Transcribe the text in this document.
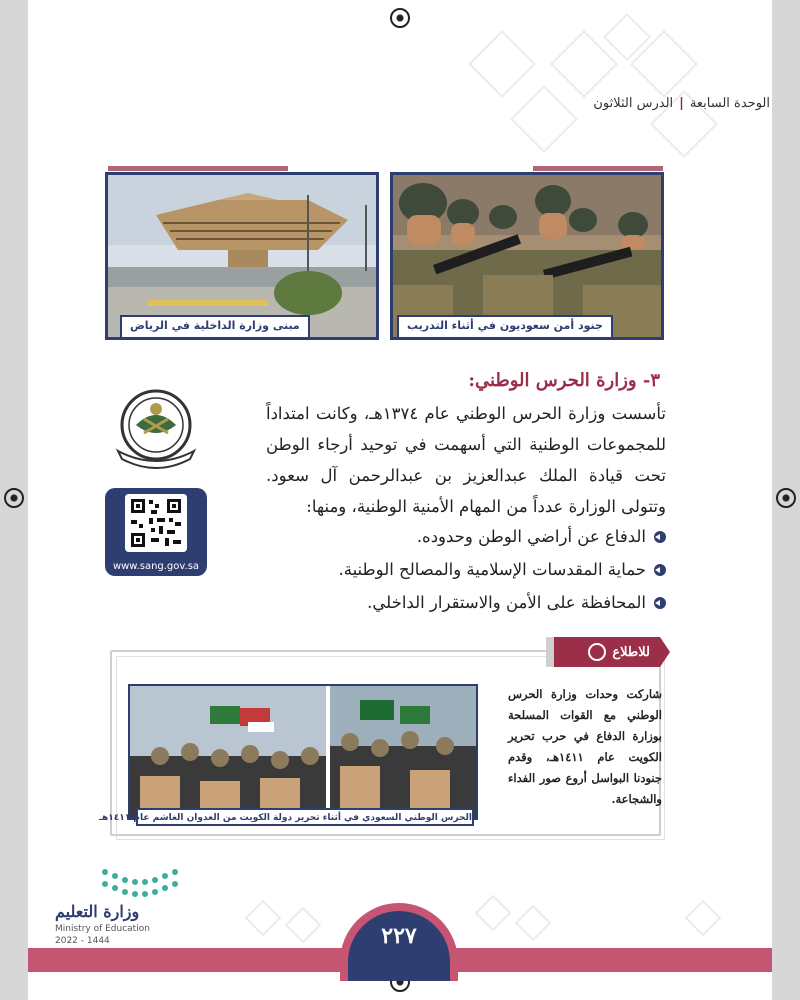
الوحدة السابعة|الدرس الثلاثون
جنود أمن سعوديون في أثناء التدريب
مبنى وزارة الداخلية في الرياض
٣- وزارة الحرس الوطني:
تأسست وزارة الحرس الوطني عام ١٣٧٤هـ، وكانت امتداداً للمجموعات الوطنية التي أسهمت في توحيد أرجاء الوطن تحت قيادة الملك عبدالعزيز بن عبدالرحمن آل سعود. وتتولى الوزارة عدداً من المهام الأمنية الوطنية، ومنها:
الدفاع عن أراضي الوطن وحدوده.
حماية المقدسات الإسلامية والمصالح الوطنية.
المحافظة على الأمن والاستقرار الداخلي.
www.sang.gov.sa
للاطلاع
شاركت وحدات وزارة الحرس الوطني مع القوات المسلحة بوزارة الدفاع في حرب تحرير الكويت عام ١٤١١هـ، وقدم جنودنا البواسل أروع صور الفداء والشجاعة.
الحرس الوطني السعودي في أثناء تحرير دولة الكويت من العدوان الغاشم عام ١٤١١هـ
٢٢٧
وزارة التعليم
Ministry of Education
2022 - 1444
